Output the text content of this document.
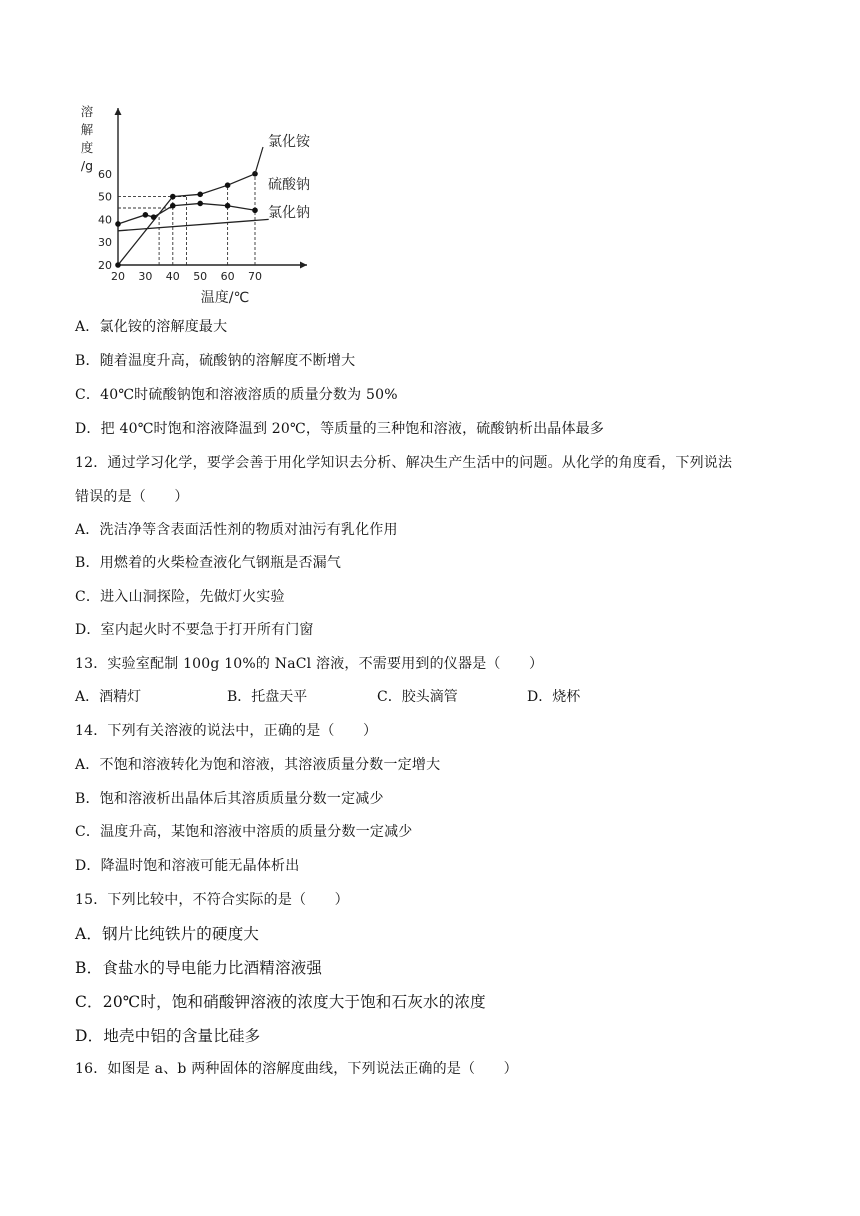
20 30 40 50 60 70
20
30
40
50
60
溶
解
度
/g
温度/℃
氯化铵
硫酸钠
氯化钠
A．氯化铵的溶解度最大
B．随着温度升高，硫酸钠的溶解度不断增大
C．40℃时硫酸钠饱和溶液溶质的质量分数为 50%
D．把 40℃时饱和溶液降温到 20℃，等质量的三种饱和溶液，硫酸钠析出晶体最多
12．通过学习化学，要学会善于用化学知识去分析、解决生产生活中的问题。从化学的角度看，下列说法
错误的是（　　）
A．洗洁净等含表面活性剂的物质对油污有乳化作用
B．用燃着的火柴检查液化气钢瓶是否漏气
C．进入山洞探险，先做灯火实验
D．室内起火时不要急于打开所有门窗
13．实验室配制 100g 10%的 NaCl 溶液，不需要用到的仪器是（　　）
A．酒精灯	B．托盘天平	C．胶头滴管	D．烧杯
14．下列有关溶液的说法中，正确的是（　　）
A．不饱和溶液转化为饱和溶液，其溶液质量分数一定增大
B．饱和溶液析出晶体后其溶质质量分数一定减少
C．温度升高，某饱和溶液中溶质的质量分数一定减少
D．降温时饱和溶液可能无晶体析出
15．下列比较中，不符合实际的是（　　）
A．钢片比纯铁片的硬度大
B．食盐水的导电能力比酒精溶液强
C．20℃时，饱和硝酸钾溶液的浓度大于饱和石灰水的浓度
D．地壳中铝的含量比硅多
16．如图是 a、b 两种固体的溶解度曲线，下列说法正确的是（　　）
